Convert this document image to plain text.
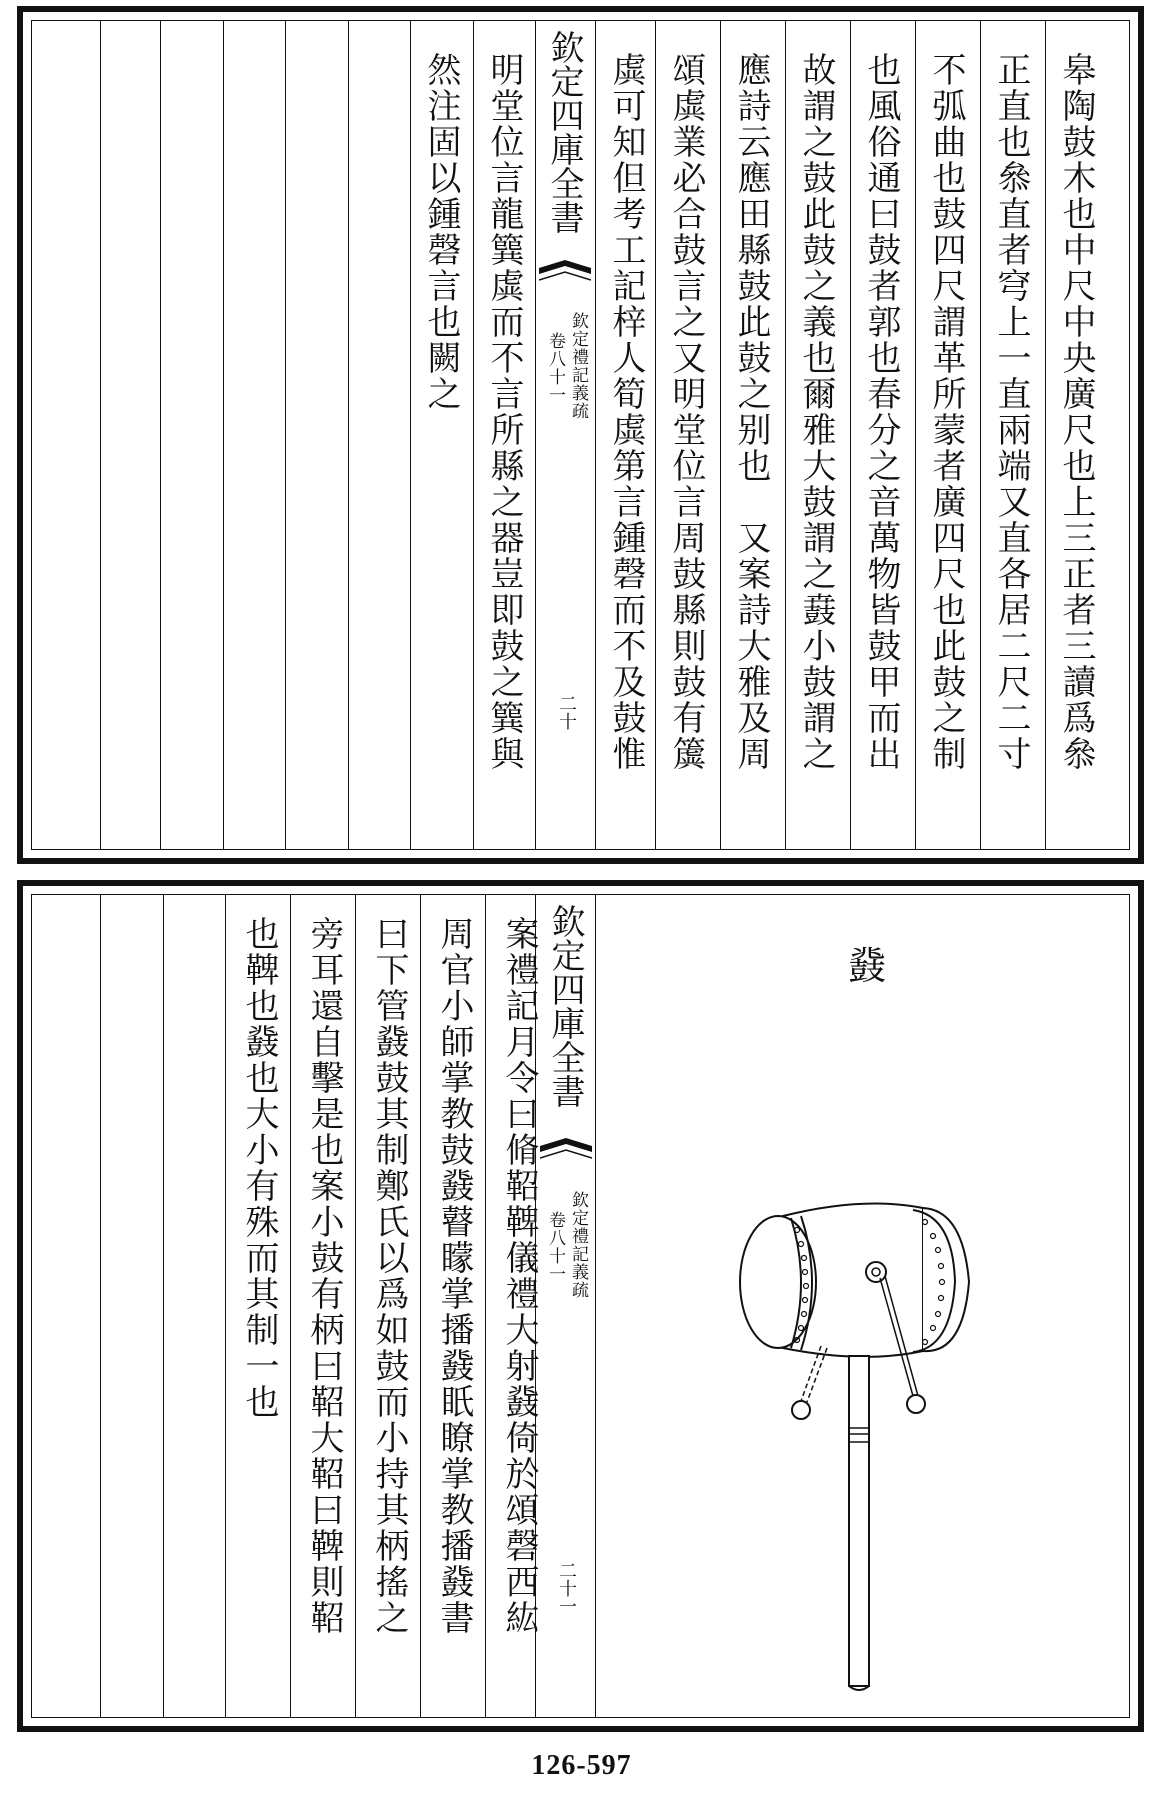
欽定四庫全書
欽定禮記義疏
卷八十一
二十	皋陶鼓木也中尺中央廣尺也上三正者三讀爲叅
正直也叅直者穹上一直兩端又直各居二尺二寸
不弧曲也鼓四尺謂革所蒙者廣四尺也此鼓之制
也風俗通曰鼓者郭也春分之音萬物皆鼓甲而出
故謂之鼓此鼓之義也爾雅大鼓謂之鼖小鼓謂之
應詩云應田縣鼓此鼓之别也　又案詩大雅及周
頌虡業必合鼓言之又明堂位言周鼓縣則鼓有簴
虡可知但考工記梓人筍虡第言鍾磬而不及鼓惟
明堂位言龍簨虡而不言所縣之器豈即鼓之簨與
然注固以鍾磬言也闕之
欽定四庫全書
欽定禮記義疏
卷八十一
二十一
案禮記月令曰脩鞀鞞儀禮大射鼗倚於頌磬西紘
周官小師掌教鼓鼗瞽矇掌播鼗眂瞭掌教播鼗書
曰下管鼗鼓其制鄭氏以爲如鼓而小持其柄搖之
旁耳還自擊是也案小鼓有柄曰鞀大鞀曰鞞則鞀
也鞞也鼗也大小有殊而其制一也	鼗
126-597
